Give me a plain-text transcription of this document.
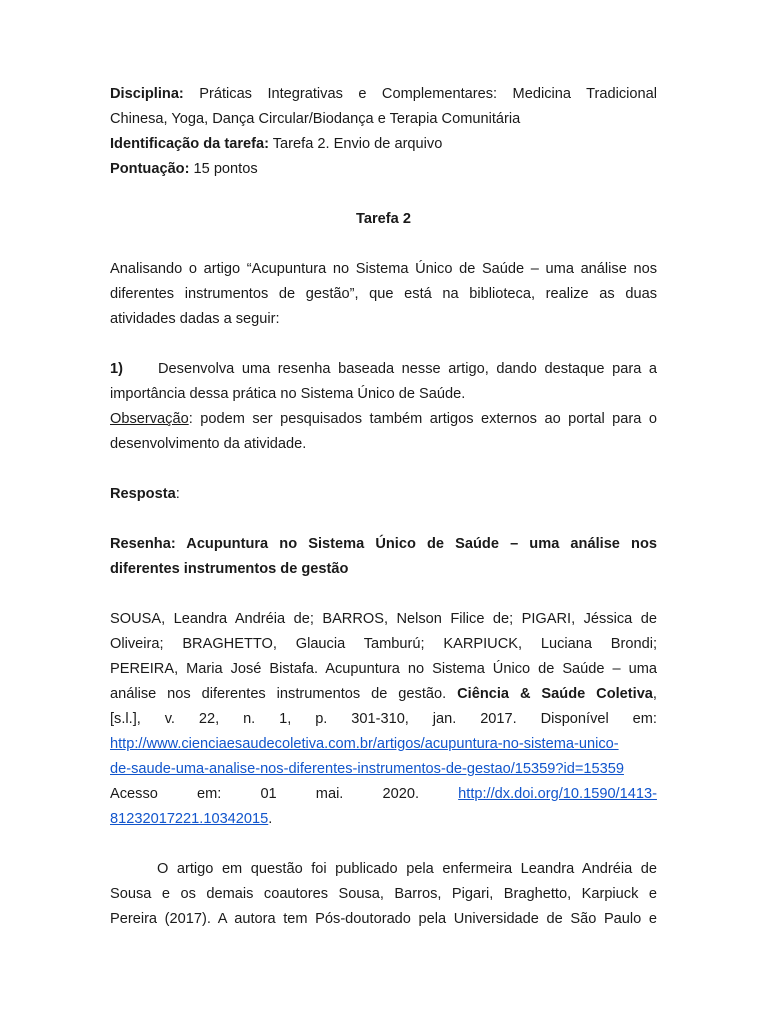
Disciplina: Práticas Integrativas e Complementares: Medicina Tradicional

Chinesa, Yoga, Dança Circular/Biodança e Terapia Comunitária

Identificação da tarefa: Tarefa 2. Envio de arquivo

Pontuação: 15 pontos

Tarefa 2

Analisando o artigo “Acupuntura no Sistema Único de Saúde – uma análise nos

diferentes instrumentos de gestão”, que está na biblioteca, realize as duas

atividades dadas a seguir:

1) Desenvolva uma resenha baseada nesse artigo, dando destaque para a

importância dessa prática no Sistema Único de Saúde.

Observação: podem ser pesquisados também artigos externos ao portal para o

desenvolvimento da atividade.

Resposta:

Resenha: Acupuntura no Sistema Único de Saúde – uma análise nos

diferentes instrumentos de gestão

SOUSA, Leandra Andréia de; BARROS, Nelson Filice de; PIGARI, Jéssica de

Oliveira; BRAGHETTO, Glaucia Tamburú; KARPIUCK, Luciana Brondi;

PEREIRA, Maria José Bistafa. Acupuntura no Sistema Único de Saúde – uma

análise nos diferentes instrumentos de gestão. Ciência & Saúde Coletiva,

[s.l.], v. 22, n. 1, p. 301-310, jan. 2017. Disponível em:

http://www.cienciaesaudecoletiva.com.br/artigos/acupuntura-no-sistema-unico-

de-saude-uma-analise-nos-diferentes-instrumentos-de-gestao/15359?id=15359

Acesso	em:	01	mai.	2020.	http://dx.doi.org/10.1590/1413-

81232017221.10342015.

O artigo em questão foi publicado pela enfermeira Leandra Andréia de

Sousa e os demais coautores Sousa, Barros, Pigari, Braghetto, Karpiuck e

Pereira (2017). A autora tem Pós-doutorado pela Universidade de São Paulo e
